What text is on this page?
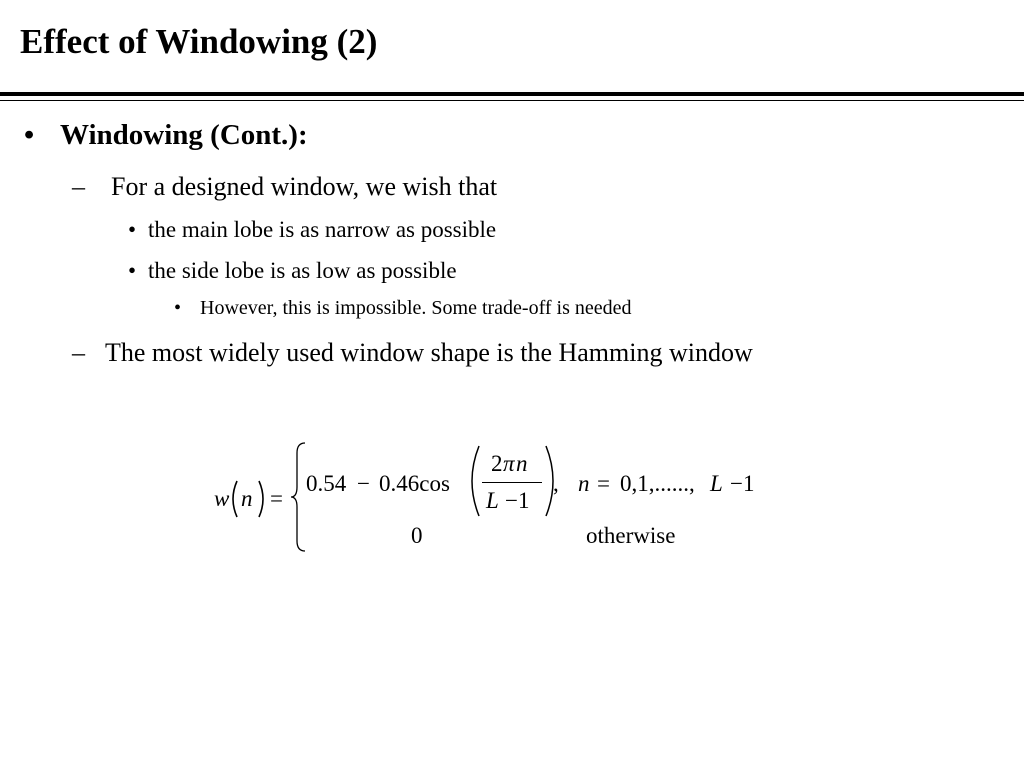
Effect of Windowing (2)
• Windowing (Cont.):
– For a designed window, we wish that
• the main lobe is as narrow as possible
• the side lobe is as low as possible
• However, this is impossible. Some trade-off is needed
– The most widely used window shape is the Hamming window
w n =
0.54 − 0.46cos
2 π n
L −1
, n = 0,1,......, L −1
0	otherwise
